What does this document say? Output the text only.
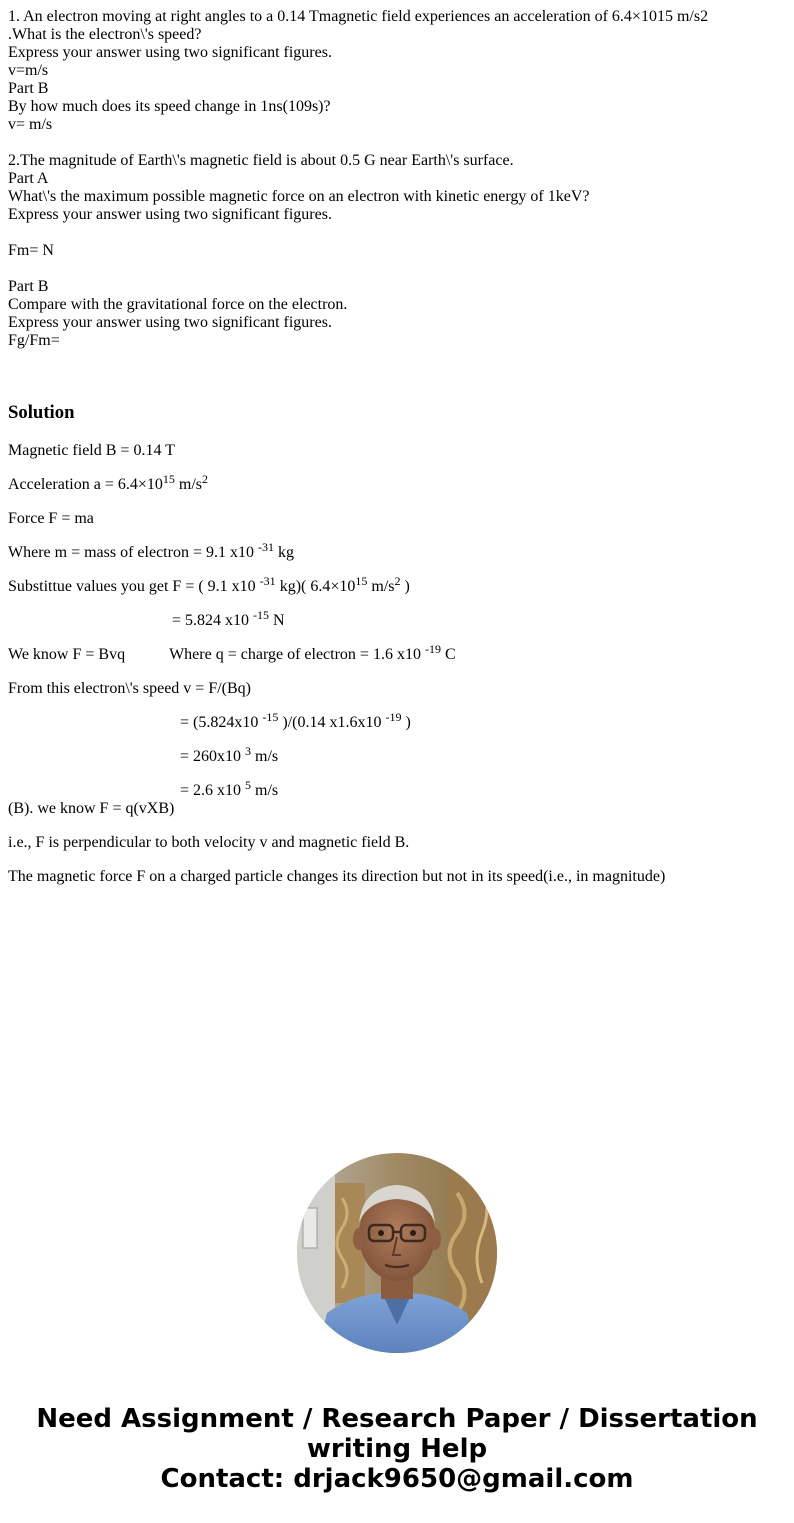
1. An electron moving at right angles to a 0.14 Tmagnetic field experiences an acceleration of 6.4×1015 m/s2
.What is the electron\'s speed?
Express your answer using two significant figures.
v=m/s
Part B
By how much does its speed change in 1ns(109s)?
v= m/s
2.The magnitude of Earth\'s magnetic field is about 0.5 G near Earth\'s surface.
Part A
What\'s the maximum possible magnetic force on an electron with kinetic energy of 1keV?
Express your answer using two significant figures.
Fm= N
Part B
Compare with the gravitational force on the electron.
Express your answer using two significant figures.
Fg/Fm=
Solution
Magnetic field B = 0.14 T
Acceleration $a = 6.4\times 10^{15}$ $m/s^2$
Force F = ma
Where m = mass of electron = 9.1 x10 $^{-31}$ kg
Substittue values you get F = ( 9.1 x10 $^{-31}$ kg)( $6.4\times 10^{15}$ $m/s^2$ )
= 5.824 x10 $^{-15}$ N
We know F = Bvq	Where q = charge of electron = 1.6 x10 $^{-19}$ C
From this electron\'s speed v = F/(Bq)
= (5.824x10 $^{-15}$ )/(0.14 x1.6x10 $^{-19}$ )
= 260x10 $^3$ m/s
= 2.6 x10 $^5$ m/s
(B). we know F = q(vXB)
i.e., F is perpendicular to both velocity v and magnetic field B.
The magnetic force F on a charged particle changes its direction but not in its speed(i.e., in magnitude)
Need Assignment / Research Paper / Dissertation
writing Help
Contact: drjack9650@gmail.com
